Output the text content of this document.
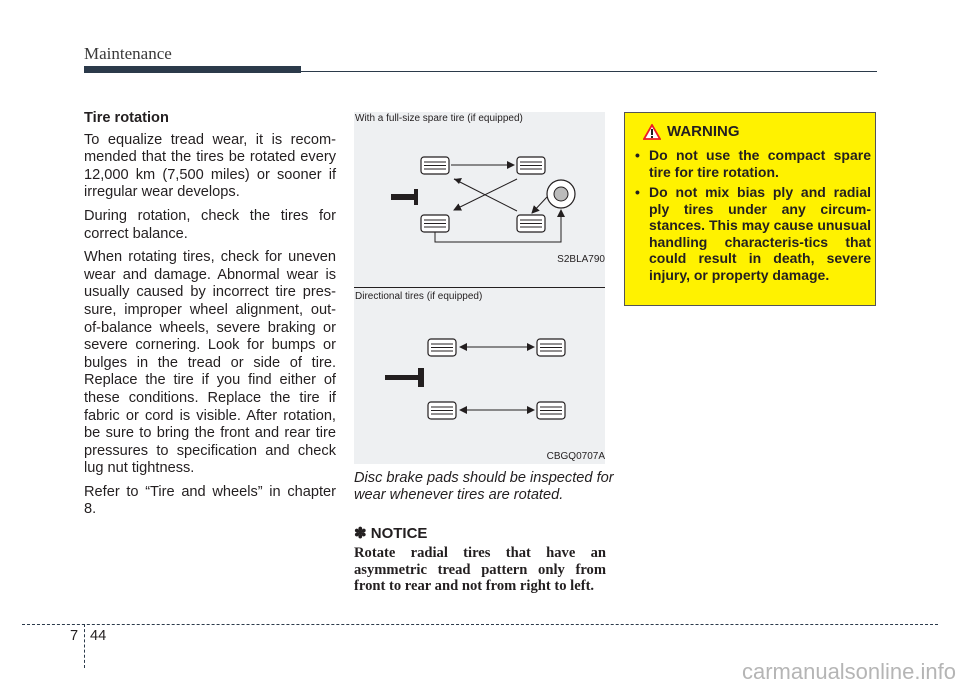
Maintenance
Tire rotation

To equalize tread wear, it is recom-mended that the tires be rotated every 12,000 km (7,500 miles) or sooner if irregular wear develops.

During rotation, check the tires for correct balance.

When rotating tires, check for uneven wear and damage. Abnormal wear is usually caused by incorrect tire pres-sure, improper wheel alignment, out-of-balance wheels, severe braking or severe cornering. Look for bumps or bulges in the tread or side of tire. Replace the tire if you find either of these conditions. Replace the tire if fabric or cord is visible. After rotation, be sure to bring the front and rear tire pressures to specification and check lug nut tightness.

Refer to “Tire and wheels” in chapter 8.

With a full-size spare tire (if equipped)
S2BLA790
Directional tires (if equipped)
CBGQ0707A
Disc brake pads should be inspected for wear whenever tires are rotated.
✽ NOTICE
Rotate radial tires that have an asymmetric tread pattern only from front to rear and not from right to left.
WARNING
• Do not use the compact spare tire for tire rotation.
• Do not mix bias ply and radial ply tires under any circum-stances. This may cause unusual handling characteris-tics that could result in death, severe injury, or property damage.
7 44
carmanualsonline.info
